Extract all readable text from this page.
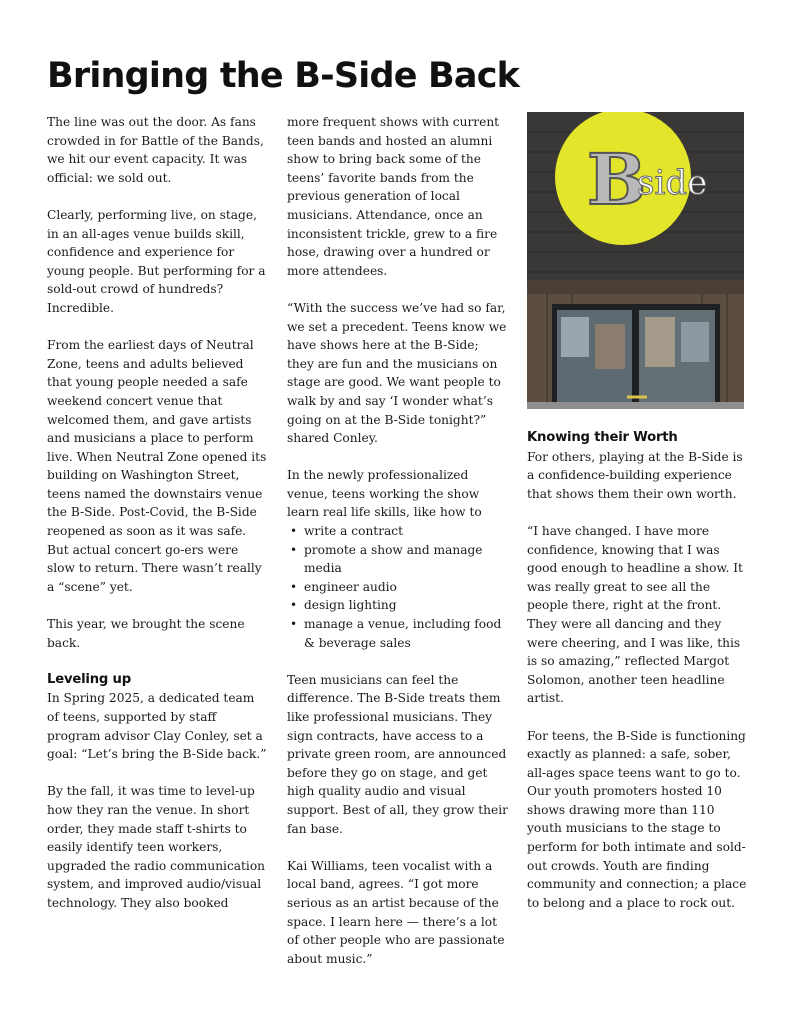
Bringing the B-Side Back

The line was out the door. As fans crowded in for Battle of the Bands, we hit our event capacity. It was official: we sold out.

Clearly, performing live, on stage, in an all-ages venue builds skill, confidence and experience for young people. But performing for a sold-out crowd of hundreds? Incredible.

From the earliest days of Neutral Zone, teens and adults believed that young people needed a safe weekend concert venue that welcomed them, and gave artists and musicians a place to perform live. When Neutral Zone opened its building on Washington Street, teens named the downstairs venue the B-Side. Post-Covid, the B-Side reopened as soon as it was safe. But actual concert go-ers were slow to return. There wasn’t really a “scene” yet.

This year, we brought the scene back.

Leveling up

In Spring 2025, a dedicated team of teens, supported by staff program advisor Clay Conley, set a goal: “Let’s bring the B-Side back.”

By the fall, it was time to level-up how they ran the venue. In short order, they made staff t-shirts to easily identify teen workers, upgraded the radio communication system, and improved audio/visual technology. They also booked

more frequent shows with current teen bands and hosted an alumni show to bring back some of the teens’ favorite bands from the previous generation of local musicians. Attendance, once an inconsistent trickle, grew to a fire hose, drawing over a hundred or more attendees.

“With the success we’ve had so far, we set a precedent. Teens know we have shows here at the B-Side; they are fun and the musicians on stage are good. We want people to walk by and say ‘I wonder what’s going on at the B-Side tonight?” shared Conley.

In the newly professionalized venue, teens working the show learn real life skills, like how to

• write a contract
• promote a show and manage media
• engineer audio
• design lighting
• manage a venue, including food & beverage sales

Teen musicians can feel the difference. The B-Side treats them like professional musicians. They sign contracts, have access to a private green room, are announced before they go on stage, and get high quality audio and visual support. Best of all, they grow their fan base.

Kai Williams, teen vocalist with a local band, agrees. “I got more serious as an artist because of the space. I learn here — there’s a lot of other people who are passionate about music.”

B
side
Knowing their Worth

For others, playing at the B-Side is a confidence-building experience that shows them their own worth.

“I have changed. I have more confidence, knowing that I was good enough to headline a show. It was really great to see all the people there, right at the front. They were all dancing and they were cheering, and I was like, this is so amazing,” reflected Margot Solomon, another teen headline artist.

For teens, the B-Side is functioning exactly as planned: a safe, sober, all-ages space teens want to go to. Our youth promoters hosted 10 shows drawing more than 110 youth musicians to the stage to perform for both intimate and sold-out crowds. Youth are finding community and connection; a place to belong and a place to rock out.
